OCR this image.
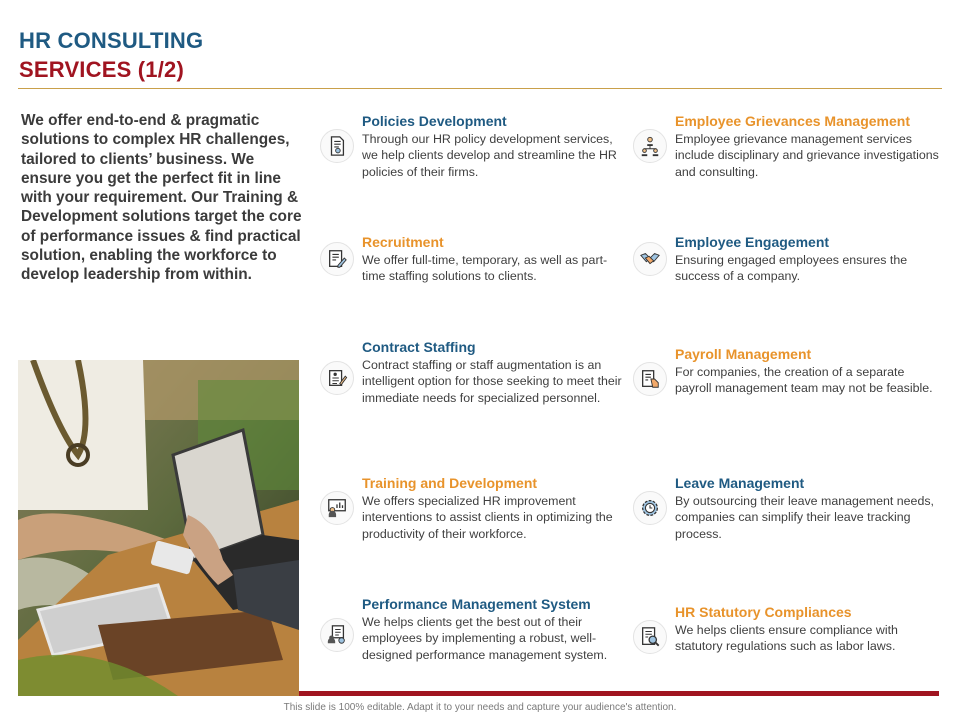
HR CONSULTING
SERVICES (1/2)

We offer end-to-end & pragmatic solutions to complex HR challenges, tailored to clients’ business. We ensure you get the perfect fit in line with your requirement. Our Training & Development solutions target the core of performance issues & find practical solution, enabling the workforce to develop leadership from within.

Policies Development
Through our HR policy development services, we help clients develop and streamline the HR policies of their firms.
Employee Grievances Management
Employee grievance management services include disciplinary and grievance investigations and consulting.
Recruitment
We offer full-time, temporary, as well as part-time staffing solutions to clients.
Employee Engagement
Ensuring engaged employees ensures the success of a company.
Contract Staffing
Contract staffing or staff augmentation is an intelligent option for those seeking to meet their immediate needs for specialized personnel.
Payroll Management
For companies, the creation of a separate payroll management team may not be feasible.
Training and Development
We offers specialized HR improvement interventions to assist clients in optimizing the productivity of their workforce.
Leave Management
By outsourcing their leave management needs, companies can simplify their leave tracking process.
Performance Management System
We helps clients get the best out of their employees by implementing a robust, well-designed performance management system.
HR Statutory Compliances
We helps clients ensure compliance with statutory regulations such as labor laws.
This slide is 100% editable. Adapt it to your needs and capture your audience's attention.
